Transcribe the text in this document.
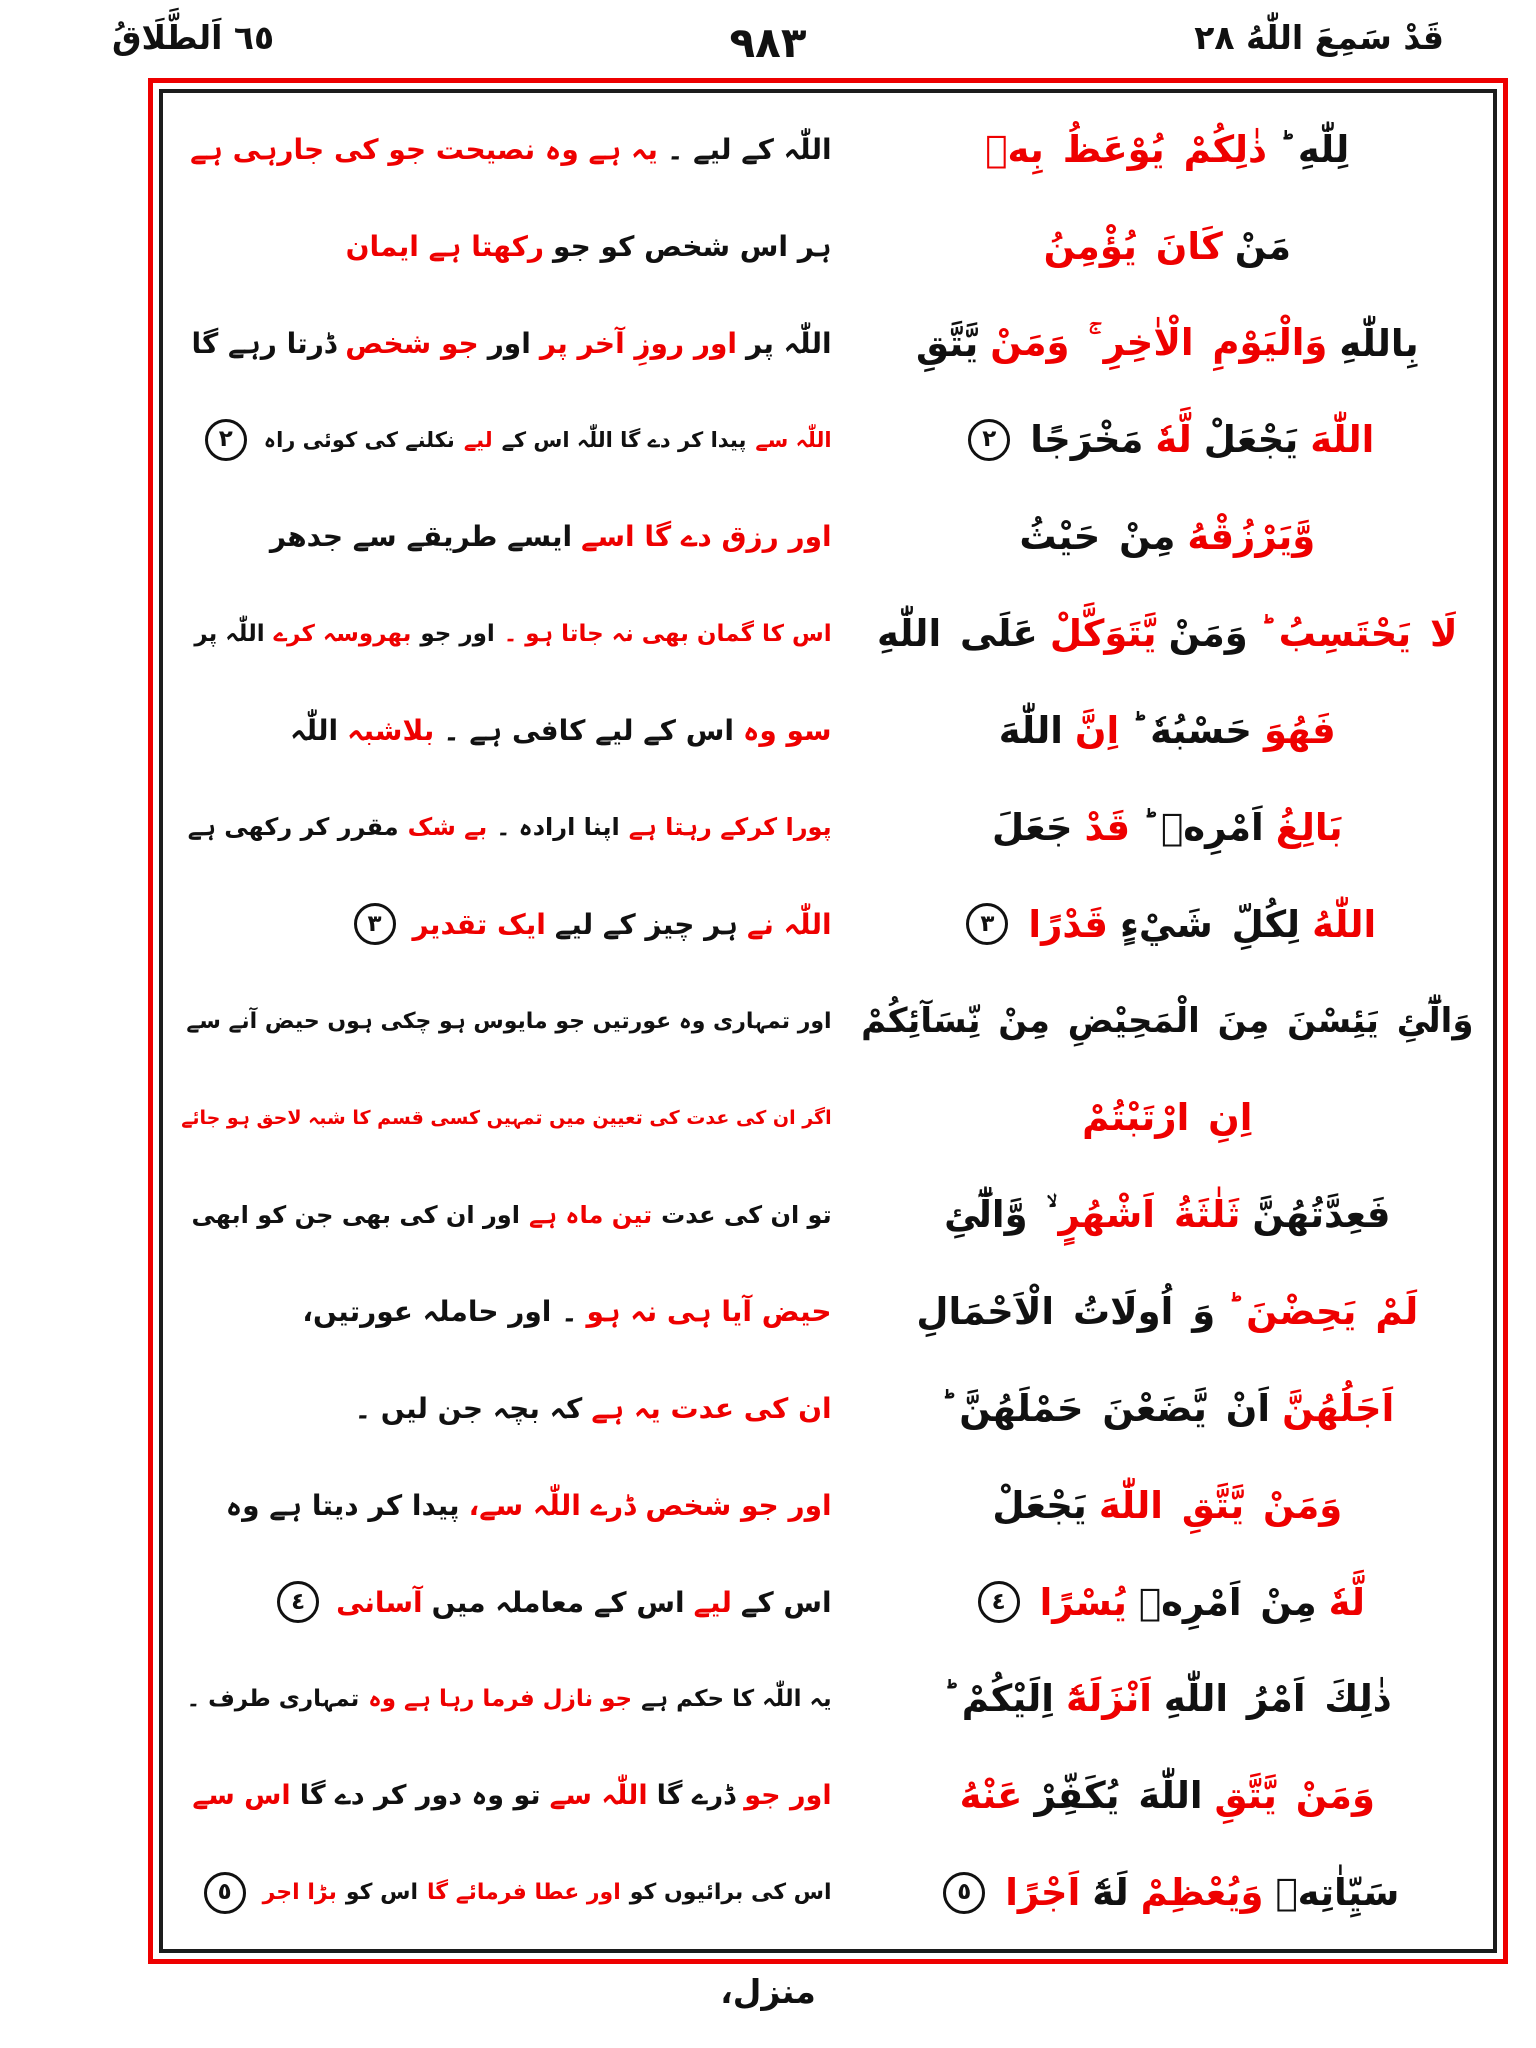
٦٥ اَلطَّلَاقُ	٩٨٣	قَدْ سَمِعَ اللّٰهُ ٢٨
لِلّٰهِ ؕ
ذٰلِكُمْ يُوْعَظُ بِهٖ
مَنْ
كَانَ يُؤْمِنُ
بِاللّٰهِ
وَالْيَوْمِ الْاٰخِرِ ۚ وَمَنْ
يَّتَّقِ
اللّٰهَ
يَجْعَلْ
لَّهٗ
مَخْرَجًا
٢
وَّيَرْزُقْهُ
مِنْ حَيْثُ
لَا يَحْتَسِبُ ؕ
وَمَنْ
يَّتَوَكَّلْ
عَلَى اللّٰهِ
فَهُوَ
حَسْبُهٗ ؕ
اِنَّ
اللّٰهَ
بَالِغُ
اَمْرِهٖ ؕ
قَدْ
جَعَلَ
اللّٰهُ
لِكُلِّ شَيْءٍ
قَدْرًا
٣
وَالّٰٓئِ يَئِسْنَ مِنَ الْمَحِيْضِ مِنْ نِّسَآئِكُمْ
اِنِ ارْتَبْتُمْ
فَعِدَّتُهُنَّ
ثَلٰثَةُ اَشْهُرٍ
ۙ وَّالّٰٓئِ
لَمْ يَحِضْنَ ؕ
وَ اُولَاتُ الْاَحْمَالِ
اَجَلُهُنَّ
اَنْ يَّضَعْنَ حَمْلَهُنَّ ؕ
وَمَنْ يَّتَّقِ اللّٰهَ
يَجْعَلْ
لَّهٗ
مِنْ اَمْرِهٖ
يُسْرًا
٤
ذٰلِكَ اَمْرُ اللّٰهِ
اَنْزَلَهٗٓ
اِلَيْكُمْ ؕ
وَمَنْ يَّتَّقِ
اللّٰهَ يُكَفِّرْ
عَنْهُ
سَيِّاٰتِهٖ
وَيُعْظِمْ
لَهٗٓ
اَجْرًا
٥
اللّٰہ کے لیے ۔
یہ ہے وہ نصیحت جو کی جارہی ہے
ہر اس شخص کو جو
رکھتا ہے ایمان
اللّٰہ پر
اور روزِ آخر پر
اور
جو شخص
ڈرتا رہے گا
اللّٰہ سے
پیدا کر دے گا اللّٰہ اس کے
لیے
نکلنے کی کوئی راہ
٢
اور رزق دے گا اسے
ایسے طریقے سے جدھر
اس کا گمان بھی نہ جاتا ہو ۔
اور جو
بھروسہ کرے
اللّٰہ پر
سو وہ
اس کے لیے کافی ہے ۔
بلاشبہ
اللّٰہ
پورا کرکے رہتا ہے
اپنا ارادہ ۔
بے شک
مقرر کر رکھی ہے
اللّٰہ نے
ہر چیز کے لیے
ایک تقدیر
٣
اور تمہاری وہ عورتیں جو مایوس ہو چکی ہوں حیض آنے سے
اگر ان کی عدت کی تعیین میں تمہیں کسی قسم کا شبہ لاحق ہو جائے
تو ان کی عدت
تین ماہ ہے
اور ان کی بھی جن کو ابھی
حیض آیا ہی نہ ہو
۔ اور حاملہ عورتیں،
ان کی عدت یہ ہے
کہ بچہ جن لیں ۔
اور جو شخص ڈرے اللّٰہ سے،
پیدا کر دیتا ہے وہ
اس کے
لیے
اس کے معاملہ میں
آسانی
٤
یہ اللّٰہ کا حکم ہے
جو نازل فرما رہا ہے وہ
تمہاری طرف ۔
اور جو
ڈرے گا
اللّٰہ سے
تو وہ دور کر دے گا
اس سے
اس کی برائیوں کو
اور عطا فرمائے گا
اس کو
بڑا اجر
٥
منزل،
